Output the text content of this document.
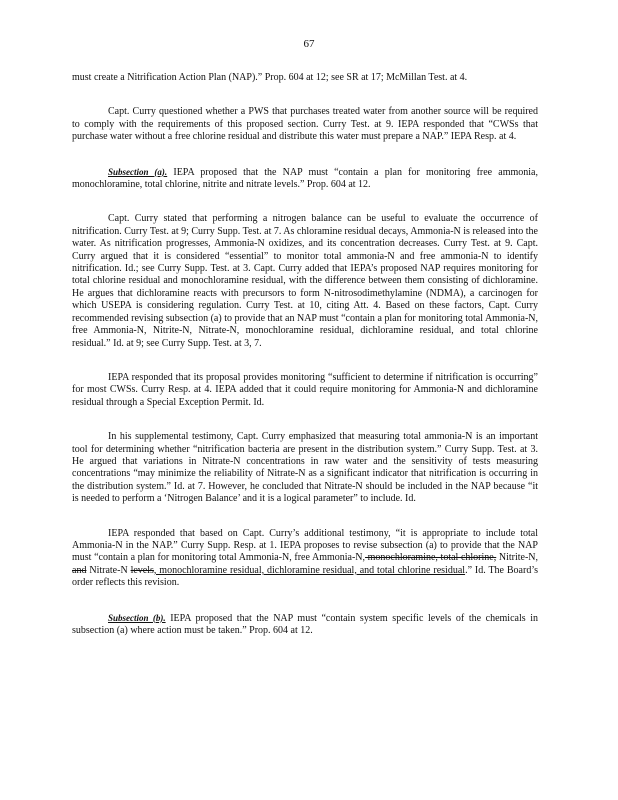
67

must create a Nitrification Action Plan (NAP).” Prop. 604 at 12; see SR at 17; McMillan Test. at 4.

Capt. Curry questioned whether a PWS that purchases treated water from another source will be required to comply with the requirements of this proposed section. Curry Test. at 9. IEPA responded that “CWSs that purchase water without a free chlorine residual and distribute this water must prepare a NAP.” IEPA Resp. at 4.

Subsection (a). IEPA proposed that the NAP must “contain a plan for monitoring free ammonia, monochloramine, total chlorine, nitrite and nitrate levels.” Prop. 604 at 12.

Capt. Curry stated that performing a nitrogen balance can be useful to evaluate the occurrence of nitrification. Curry Test. at 9; Curry Supp. Test. at 7. As chloramine residual decays, Ammonia-N is released into the water. As nitrification progresses, Ammonia-N oxidizes, and its concentration decreases. Curry Test. at 9. Capt. Curry argued that it is considered “essential” to monitor total ammonia-N and free ammonia-N to identify nitrification. Id.; see Curry Supp. Test. at 3. Capt. Curry added that IEPA’s proposed NAP requires monitoring for total chlorine residual and monochloramine residual, with the difference between them consisting of dichloramine. He argues that dichloramine reacts with precursors to form N-nitrosodimethylamine (NDMA), a carcinogen for which USEPA is considering regulation. Curry Test. at 10, citing Att. 4. Based on these factors, Capt. Curry recommended revising subsection (a) to provide that an NAP must “contain a plan for monitoring total Ammonia-N, free Ammonia-N, Nitrite-N, Nitrate-N, monochloramine residual, dichloramine residual, and total chlorine residual.” Id. at 9; see Curry Supp. Test. at 3, 7.

IEPA responded that its proposal provides monitoring “sufficient to determine if nitrification is occurring” for most CWSs. Curry Resp. at 4. IEPA added that it could require monitoring for Ammonia-N and dichloramine residual through a Special Exception Permit. Id.

In his supplemental testimony, Capt. Curry emphasized that measuring total ammonia-N is an important tool for determining whether “nitrification bacteria are present in the distribution system.” Curry Supp. Test. at 3. He argued that variations in Nitrate-N concentrations in raw water and the sensitivity of tests measuring concentrations “may minimize the reliability of Nitrate-N as a significant indicator that nitrification is occurring in the distribution system.” Id. at 7. However, he concluded that Nitrate-N should be included in the NAP because “it is needed to perform a ‘Nitrogen Balance’ and it is a logical parameter” to include. Id.

IEPA responded that based on Capt. Curry’s additional testimony, “it is appropriate to include total Ammonia-N in the NAP.” Curry Supp. Resp. at 1. IEPA proposes to revise subsection (a) to provide that the NAP must “contain a plan for monitoring total Ammonia-N, free Ammonia-N, monochloramine, total chlorine, Nitrite-N, and Nitrate-N levels, monochloramine residual, dichloramine residual, and total chlorine residual.” Id. The Board’s order reflects this revision.

Subsection (b). IEPA proposed that the NAP must “contain system specific levels of the chemicals in subsection (a) where action must be taken.” Prop. 604 at 12.
